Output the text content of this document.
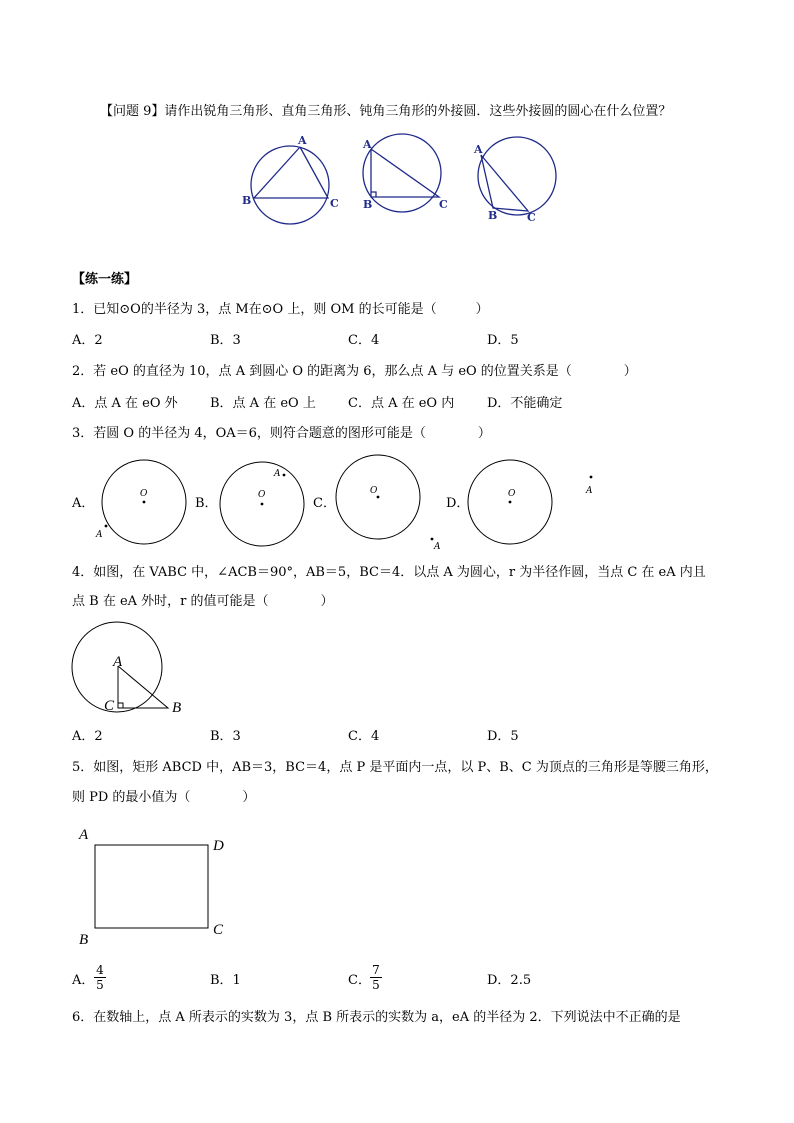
【问题 9】请作出锐角三角形、直角三角形、钝角三角形的外接圆．这些外接圆的圆心在什么位置？
A
B	C
A
B	C
A
B	C
【练一练】
1．已知⊙O的半径为 3，点 M在⊙O 上，则 OM 的长可能是（　　　）
A．2	B．3	C．4	D．5
2．若 eO 的直径为 10，点 A 到圆心 O 的距离为 6，那么点 A 与 eO 的位置关系是（　　　　）
A．点 A 在 eO 外 B．点 A 在 eO 上 C．点 A 在 eO 内	D．不能确定
3．若圆 O 的半径为 4，OA＝6，则符合题意的图形可能是（　　　　）
A．	B．	C．	D．
O
A
O
A
O
A
O	A
4．如图，在 VABC 中，∠ACB＝90°，AB＝5，BC＝4．以点 A 为圆心，r 为半径作圆，当点 C 在 eA 内且
点 B 在 eA 外时，r 的值可能是（　　　　）
A
C	B
A．2	B．3	C．4	D．5
5．如图，矩形 ABCD 中，AB＝3，BC＝4，点 P 是平面内一点，以 P、B、C 为顶点的三角形是等腰三角形，
则 PD 的最小值为（　　　　）
A
D
B
C
A． $\frac{4}{5}$	B．1	C． $\frac{7}{5}$	D．2.5
6．在数轴上，点 A 所表示的实数为 3，点 B 所表示的实数为 a，eA 的半径为 2．下列说法中不正确的是
